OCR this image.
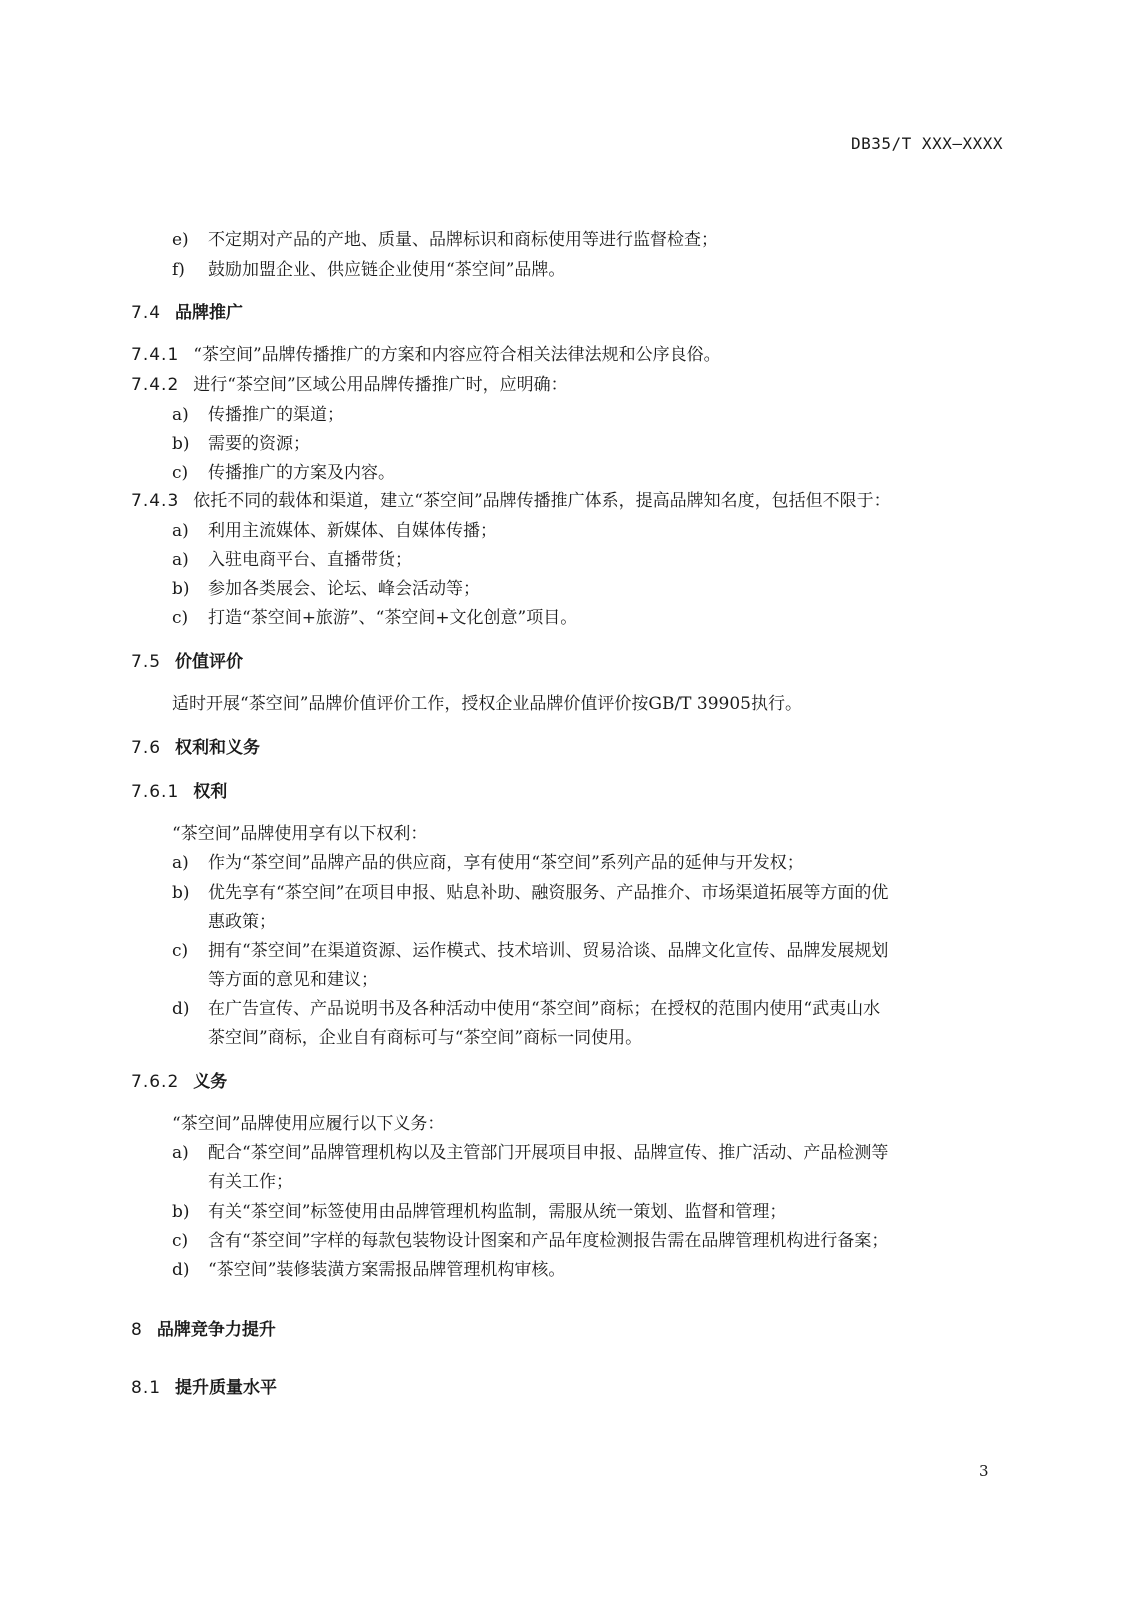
DB35/T XXX—XXXX
e) 不定期对产品的产地、质量、品牌标识和商标使用等进行监督检查；
f) 鼓励加盟企业、供应链企业使用“茶空间”品牌。
7.4 品牌推广
7.4.1 “茶空间”品牌传播推广的方案和内容应符合相关法律法规和公序良俗。
7.4.2 进行“茶空间”区域公用品牌传播推广时，应明确：
a) 传播推广的渠道；
b) 需要的资源；
c) 传播推广的方案及内容。
7.4.3 依托不同的载体和渠道，建立“茶空间”品牌传播推广体系，提高品牌知名度，包括但不限于：
a) 利用主流媒体、新媒体、自媒体传播；
a) 入驻电商平台、直播带货；
b) 参加各类展会、论坛、峰会活动等；
c) 打造“茶空间+旅游”、“茶空间+文化创意”项目。
7.5 价值评价
适时开展“茶空间”品牌价值评价工作，授权企业品牌价值评价按GB/T 39905执行。
7.6 权利和义务
7.6.1 权利
“茶空间”品牌使用享有以下权利：
a) 作为“茶空间”品牌产品的供应商，享有使用“茶空间”系列产品的延伸与开发权；
b) 优先享有“茶空间”在项目申报、贴息补助、融资服务、产品推介、市场渠道拓展等方面的优
惠政策；
c) 拥有“茶空间”在渠道资源、运作模式、技术培训、贸易洽谈、品牌文化宣传、品牌发展规划
等方面的意见和建议；
d) 在广告宣传、产品说明书及各种活动中使用“茶空间”商标；在授权的范围内使用“武夷山水
茶空间”商标，企业自有商标可与“茶空间”商标一同使用。
7.6.2 义务
“茶空间”品牌使用应履行以下义务：
a) 配合“茶空间”品牌管理机构以及主管部门开展项目申报、品牌宣传、推广活动、产品检测等
有关工作；
b) 有关“茶空间”标签使用由品牌管理机构监制，需服从统一策划、监督和管理；
c) 含有“茶空间”字样的每款包装物设计图案和产品年度检测报告需在品牌管理机构进行备案；
d) “茶空间”装修装潢方案需报品牌管理机构审核。
8 品牌竞争力提升
8.1 提升质量水平
3
